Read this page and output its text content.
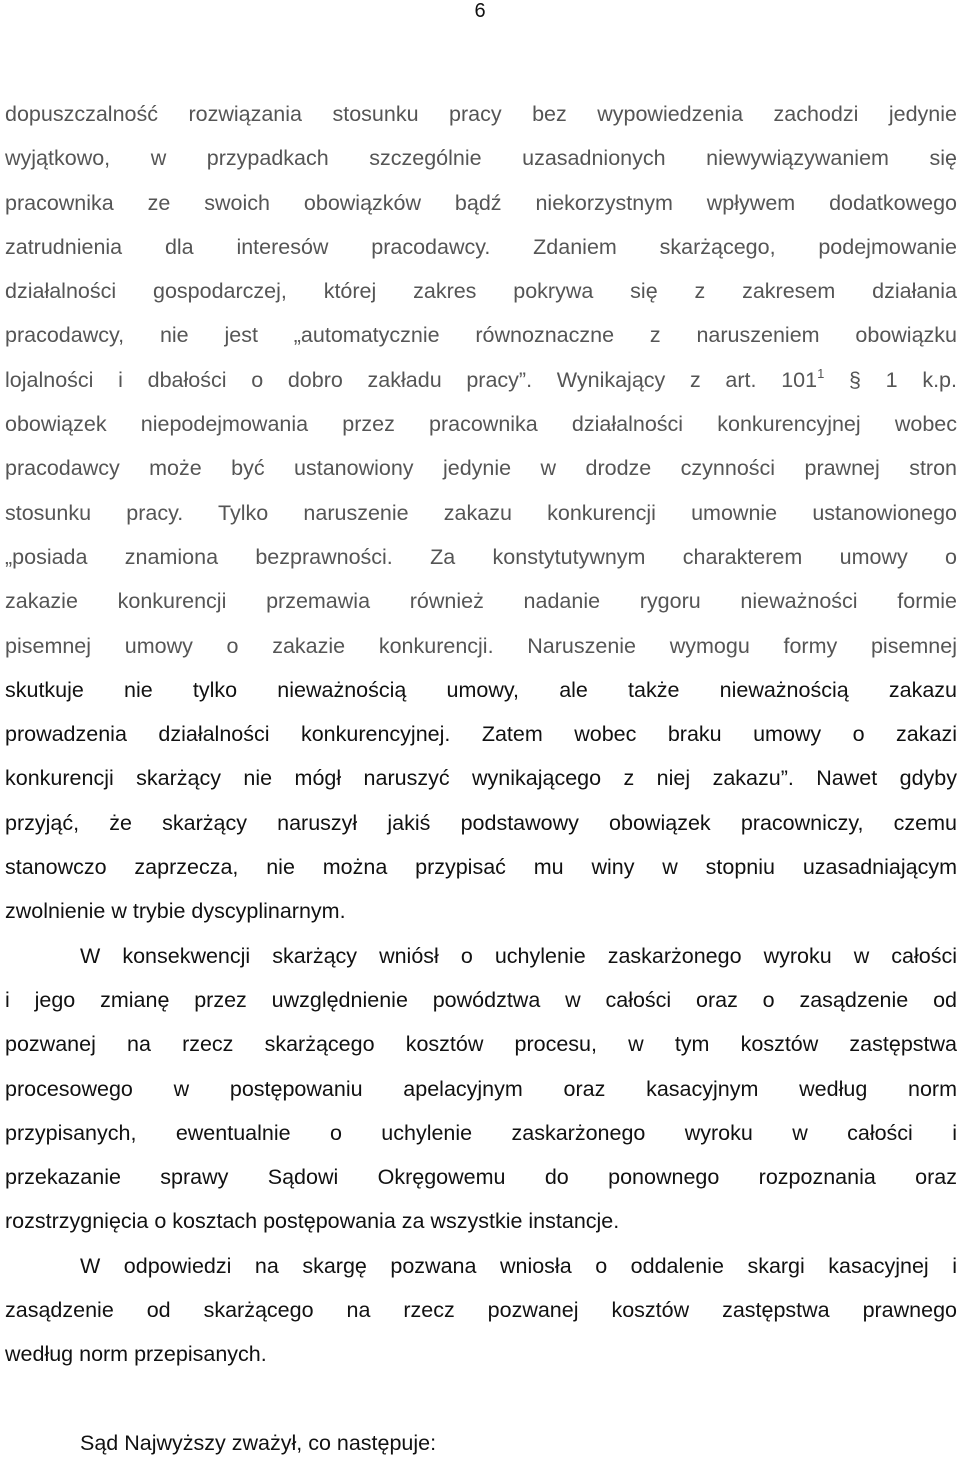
6
dopuszczalność rozwiązania stosunku pracy bez wypowiedzenia zachodzi jedynie
wyjątkowo, w przypadkach szczególnie uzasadnionych niewywiązywaniem się
pracownika ze swoich obowiązków bądź niekorzystnym wpływem dodatkowego
zatrudnienia dla interesów pracodawcy. Zdaniem skarżącego, podejmowanie
działalności gospodarczej, której zakres pokrywa się z zakresem działania
pracodawcy, nie jest „automatycznie równoznaczne z naruszeniem obowiązku
lojalności i dbałości o dobro zakładu pracy”. Wynikający z art. $101^1$ § 1 k.p.
obowiązek niepodejmowania przez pracownika działalności konkurencyjnej wobec
pracodawcy może być ustanowiony jedynie w drodze czynności prawnej stron
stosunku pracy. Tylko naruszenie zakazu konkurencji umownie ustanowionego
„posiada znamiona bezprawności. Za konstytutywnym charakterem umowy o
zakazie konkurencji przemawia również nadanie rygoru nieważności formie
pisemnej umowy o zakazie konkurencji. Naruszenie wymogu formy pisemnej
skutkuje nie tylko nieważnością umowy, ale także nieważnością zakazu
prowadzenia działalności konkurencyjnej. Zatem wobec braku umowy o zakazi
konkurencji skarżący nie mógł naruszyć wynikającego z niej zakazu”. Nawet gdyby
przyjąć, że skarżący naruszył jakiś podstawowy obowiązek pracowniczy, czemu
stanowczo zaprzecza, nie można przypisać mu winy w stopniu uzasadniającym
zwolnienie w trybie dyscyplinarnym.
W konsekwencji skarżący wniósł o uchylenie zaskarżonego wyroku w całości
i jego zmianę przez uwzględnienie powództwa w całości oraz o zasądzenie od
pozwanej na rzecz skarżącego kosztów procesu, w tym kosztów zastępstwa
procesowego w postępowaniu apelacyjnym oraz kasacyjnym według norm
przypisanych, ewentualnie o uchylenie zaskarżonego wyroku w całości i
przekazanie sprawy Sądowi Okręgowemu do ponownego rozpoznania oraz
rozstrzygnięcia o kosztach postępowania za wszystkie instancje.
W odpowiedzi na skargę pozwana wniosła o oddalenie skargi kasacyjnej i
zasądzenie od skarżącego na rzecz pozwanej kosztów zastępstwa prawnego
według norm przepisanych.
Sąd Najwyższy zważył, co następuje:
